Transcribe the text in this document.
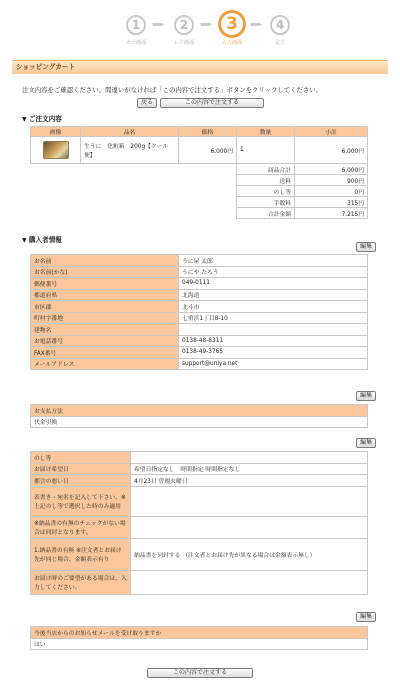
1
カゴ画面
▪▪▪▸	2
レジ画面
▪▪▪▸ 3
入力画面
▪▪▪▸	4
完了
ショッピングカート
注文内容をご確認ください。間違いがなければ「この内容で注文する」ボタンをクリックしてください。
戻る	この内容で注文する
▼ ご注文内容
画像	品名	価格	数量	小計

	生うに　化粧箱　200g【クール便】	6,000円	1	6,000円
			商品合計	6,000円
			送料	900円
			のし等	0円
			手数料	315円
			合計金額	7,215円
▼ 購入者情報
編集
お名前	うに屋 太郎
お名前(かな)	うにや たろう
郵便番号	049-0111
都道府県	北海道
市区郡	北斗市
町村字番地	七重浜1丁目8-10
建物名	
お電話番号	0138-48-8311
FAX番号	0138-49-3765
メールアドレス	support@uniya.net
編集
お支払方法
代金引換
編集
のし等	
お届け希望日	希望日指定なし　時間指定 時間指定なし
都合の悪い日	4月23日 曽週火曜日
表書き・宛名を記入して下さい。※上記のし等で選択した時のみ適用	
※納品書の有無のチェックがない場合は同封となります。	
1.納品書の有無 ※注文者とお届け先が同じ場合、金額表示有り	納品書を同封する （注文者とお届け先が異なる場合は金額表示無し）
お届け時のご要望がある場合は、入力してください。	
編集
今後当店からのお知らせメールを受け取りますか
はい
この内容で注文する
